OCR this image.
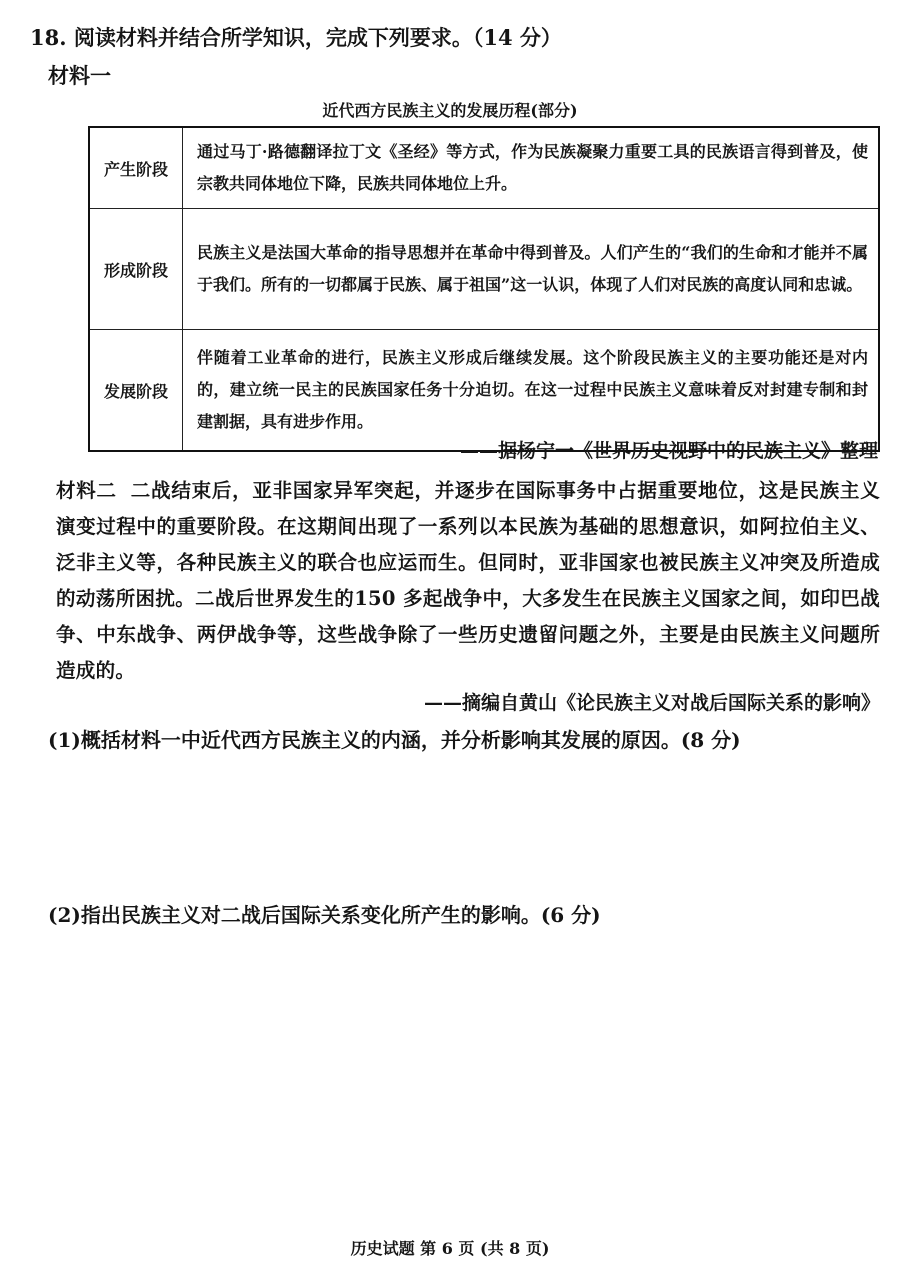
18. 阅读材料并结合所学知识，完成下列要求。（14 分）
材料一
近代西方民族主义的发展历程(部分)
产生阶段	通过马丁·路德翻译拉丁文《圣经》等方式，作为民族凝聚力重要工具的民族语言得到普及，使宗教共同体地位下降，民族共同体地位上升。
形成阶段	民族主义是法国大革命的指导思想并在革命中得到普及。人们产生的“我们的生命和才能并不属于我们。所有的一切都属于民族、属于祖国”这一认识，体现了人们对民族的高度认同和忠诚。
发展阶段	伴随着工业革命的进行，民族主义形成后继续发展。这个阶段民族主义的主要功能还是对内的，建立统一民主的民族国家任务十分迫切。在这一过程中民族主义意味着反对封建专制和封建割据，具有进步作用。
——据杨宁一《世界历史视野中的民族主义》整理
材料二 二战结束后，亚非国家异军突起，并逐步在国际事务中占据重要地位，这是民族主义演变过程中的重要阶段。在这期间出现了一系列以本民族为基础的思想意识，如阿拉伯主义、泛非主义等，各种民族主义的联合也应运而生。但同时，亚非国家也被民族主义冲突及所造成的动荡所困扰。二战后世界发生的150 多起战争中，大多发生在民族主义国家之间，如印巴战争、中东战争、两伊战争等，这些战争除了一些历史遗留问题之外，主要是由民族主义问题所造成的。
——摘编自黄山《论民族主义对战后国际关系的影响》
(1)概括材料一中近代西方民族主义的内涵，并分析影响其发展的原因。(8 分)
(2)指出民族主义对二战后国际关系变化所产生的影响。(6 分)
历史试题 第 6 页 (共 8 页)
